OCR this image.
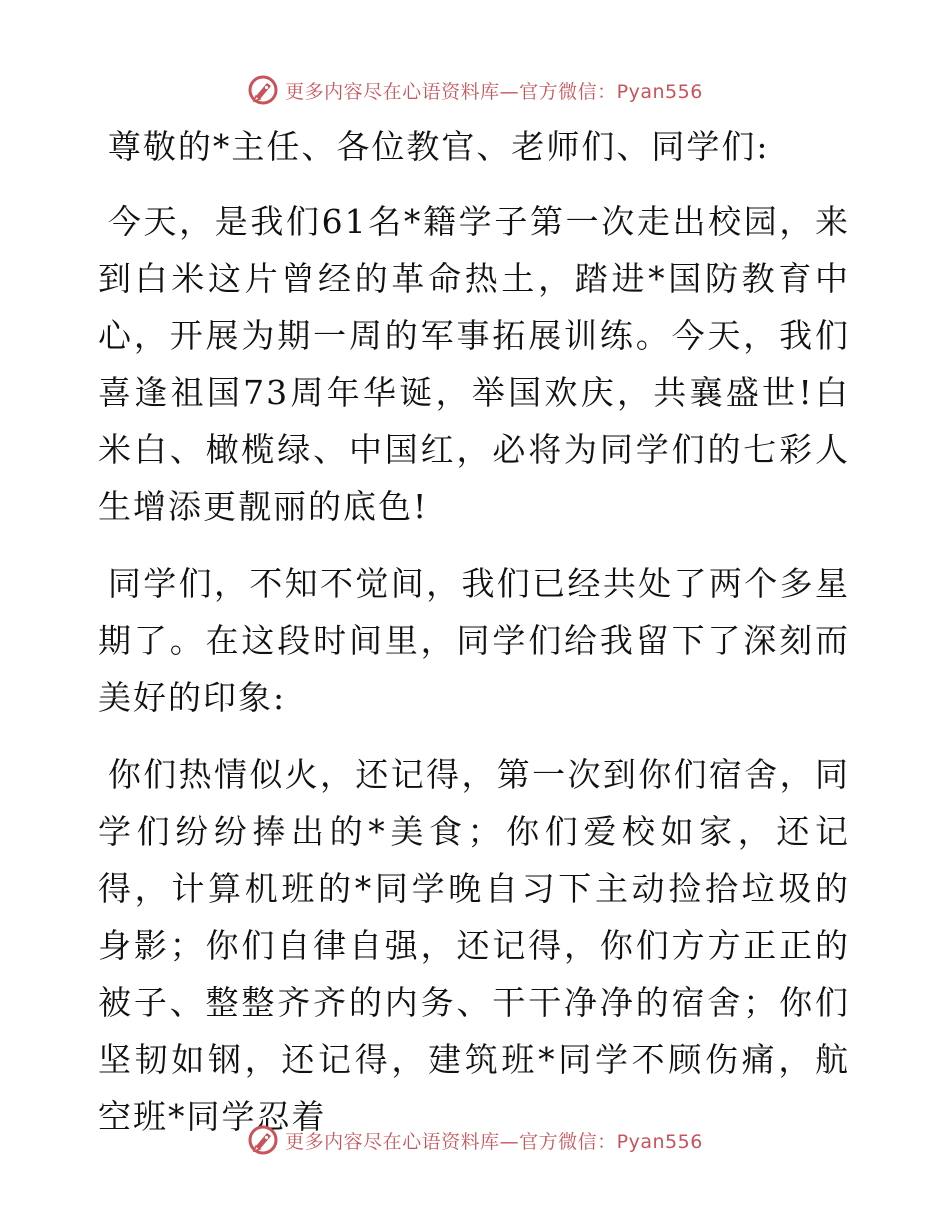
更多内容尽在心语资料库—官方微信：Pyan556

尊敬的*主任、各位教官、老师们、同学们:

今天，是我们61名*籍学子第一次走出校园，来到白米这片曾经的革命热土，踏进*国防教育中心，开展为期一周的军事拓展训练。今天，我们喜逢祖国73周年华诞，举国欢庆，共襄盛世!白米白、橄榄绿、中国红，必将为同学们的七彩人生增添更靓丽的底色!

同学们，不知不觉间，我们已经共处了两个多星期了。在这段时间里，同学们给我留下了深刻而美好的印象:

你们热情似火，还记得，第一次到你们宿舍，同学们纷纷捧出的*美食；你们爱校如家，还记得，计算机班的*同学晚自习下主动捡拾垃圾的身影；你们自律自强，还记得，你们方方正正的被子、整整齐齐的内务、干干净净的宿舍；你们坚韧如钢，还记得，建筑班*同学不顾伤痛，航空班*同学忍着

更多内容尽在心语资料库—官方微信：Pyan556
